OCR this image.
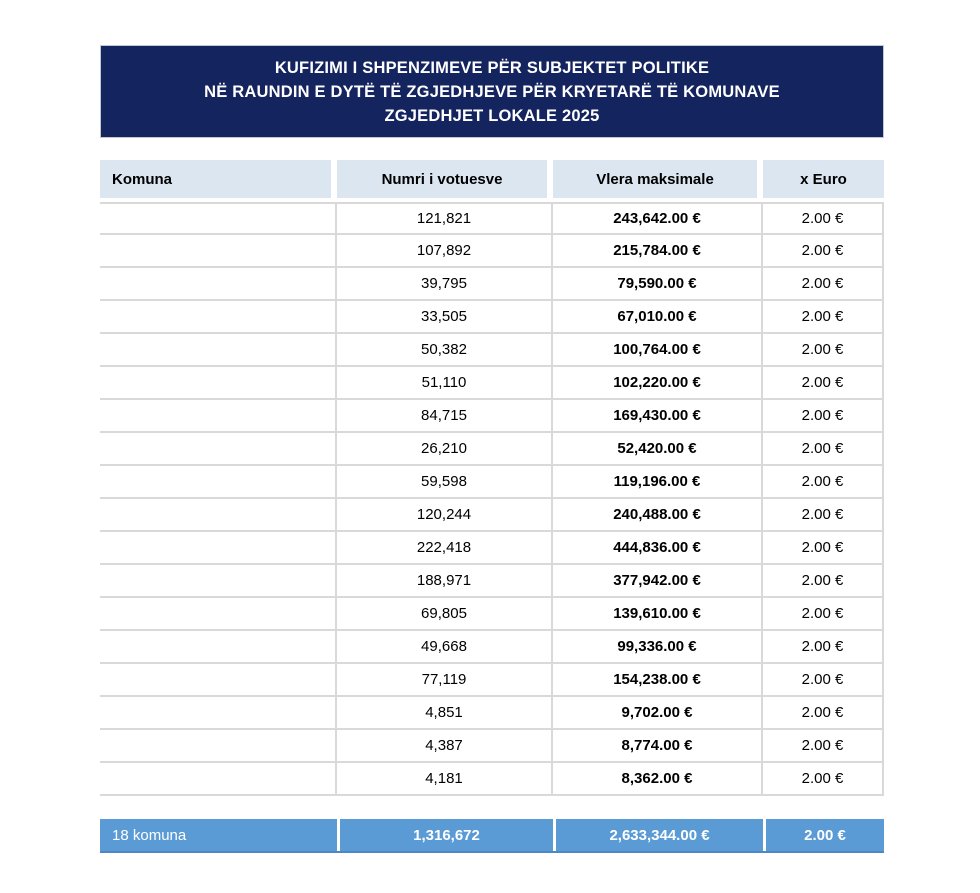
KUFIZIMI I SHPENZIMEVE PËR SUBJEKTET POLITIKE
NË RAUNDIN E DYTË TË ZGJEDHJEVE PËR KRYETARË TË KOMUNAVE
ZGJEDHJET LOKALE 2025
Komuna	Numri i votuesve	Vlera maksimale	x Euro
GJAKOVË	121,821	243,642.00 €	2.00 €
GJILAN	107,892	215,784.00 €	2.00 €
DRAGASH	39,795	79,590.00 €	2.00 €
KAÇANIK	33,505	67,010.00 €	2.00 €
KLINË	50,382	100,764.00 €	2.00 €
FUSHË KOSOVË	51,110	102,220.00 €	2.00 €
MITROVICË E JUGUT	84,715	169,430.00 €	2.00 €
OBILIQ	26,210	52,420.00 €	2.00 €
RAHOVEC	59,598	119,196.00 €	2.00 €
PEJË	120,244	240,488.00 €	2.00 €
PRISHTINË	222,418	444,836.00 €	2.00 €
PRIZREN	188,971	377,942.00 €	2.00 €
SUHAREKË	69,805	139,610.00 €	2.00 €
VITI	49,668	99,336.00 €	2.00 €
VUSHTRRI	77,119	154,238.00 €	2.00 €
JUNIK	4,851	9,702.00 €	2.00 €
MAMUSHË	4,387	8,774.00 €	2.00 €
KLLOKOT	4,181	8,362.00 €	2.00 €
18 komuna	1,316,672	2,633,344.00 €	2.00 €
